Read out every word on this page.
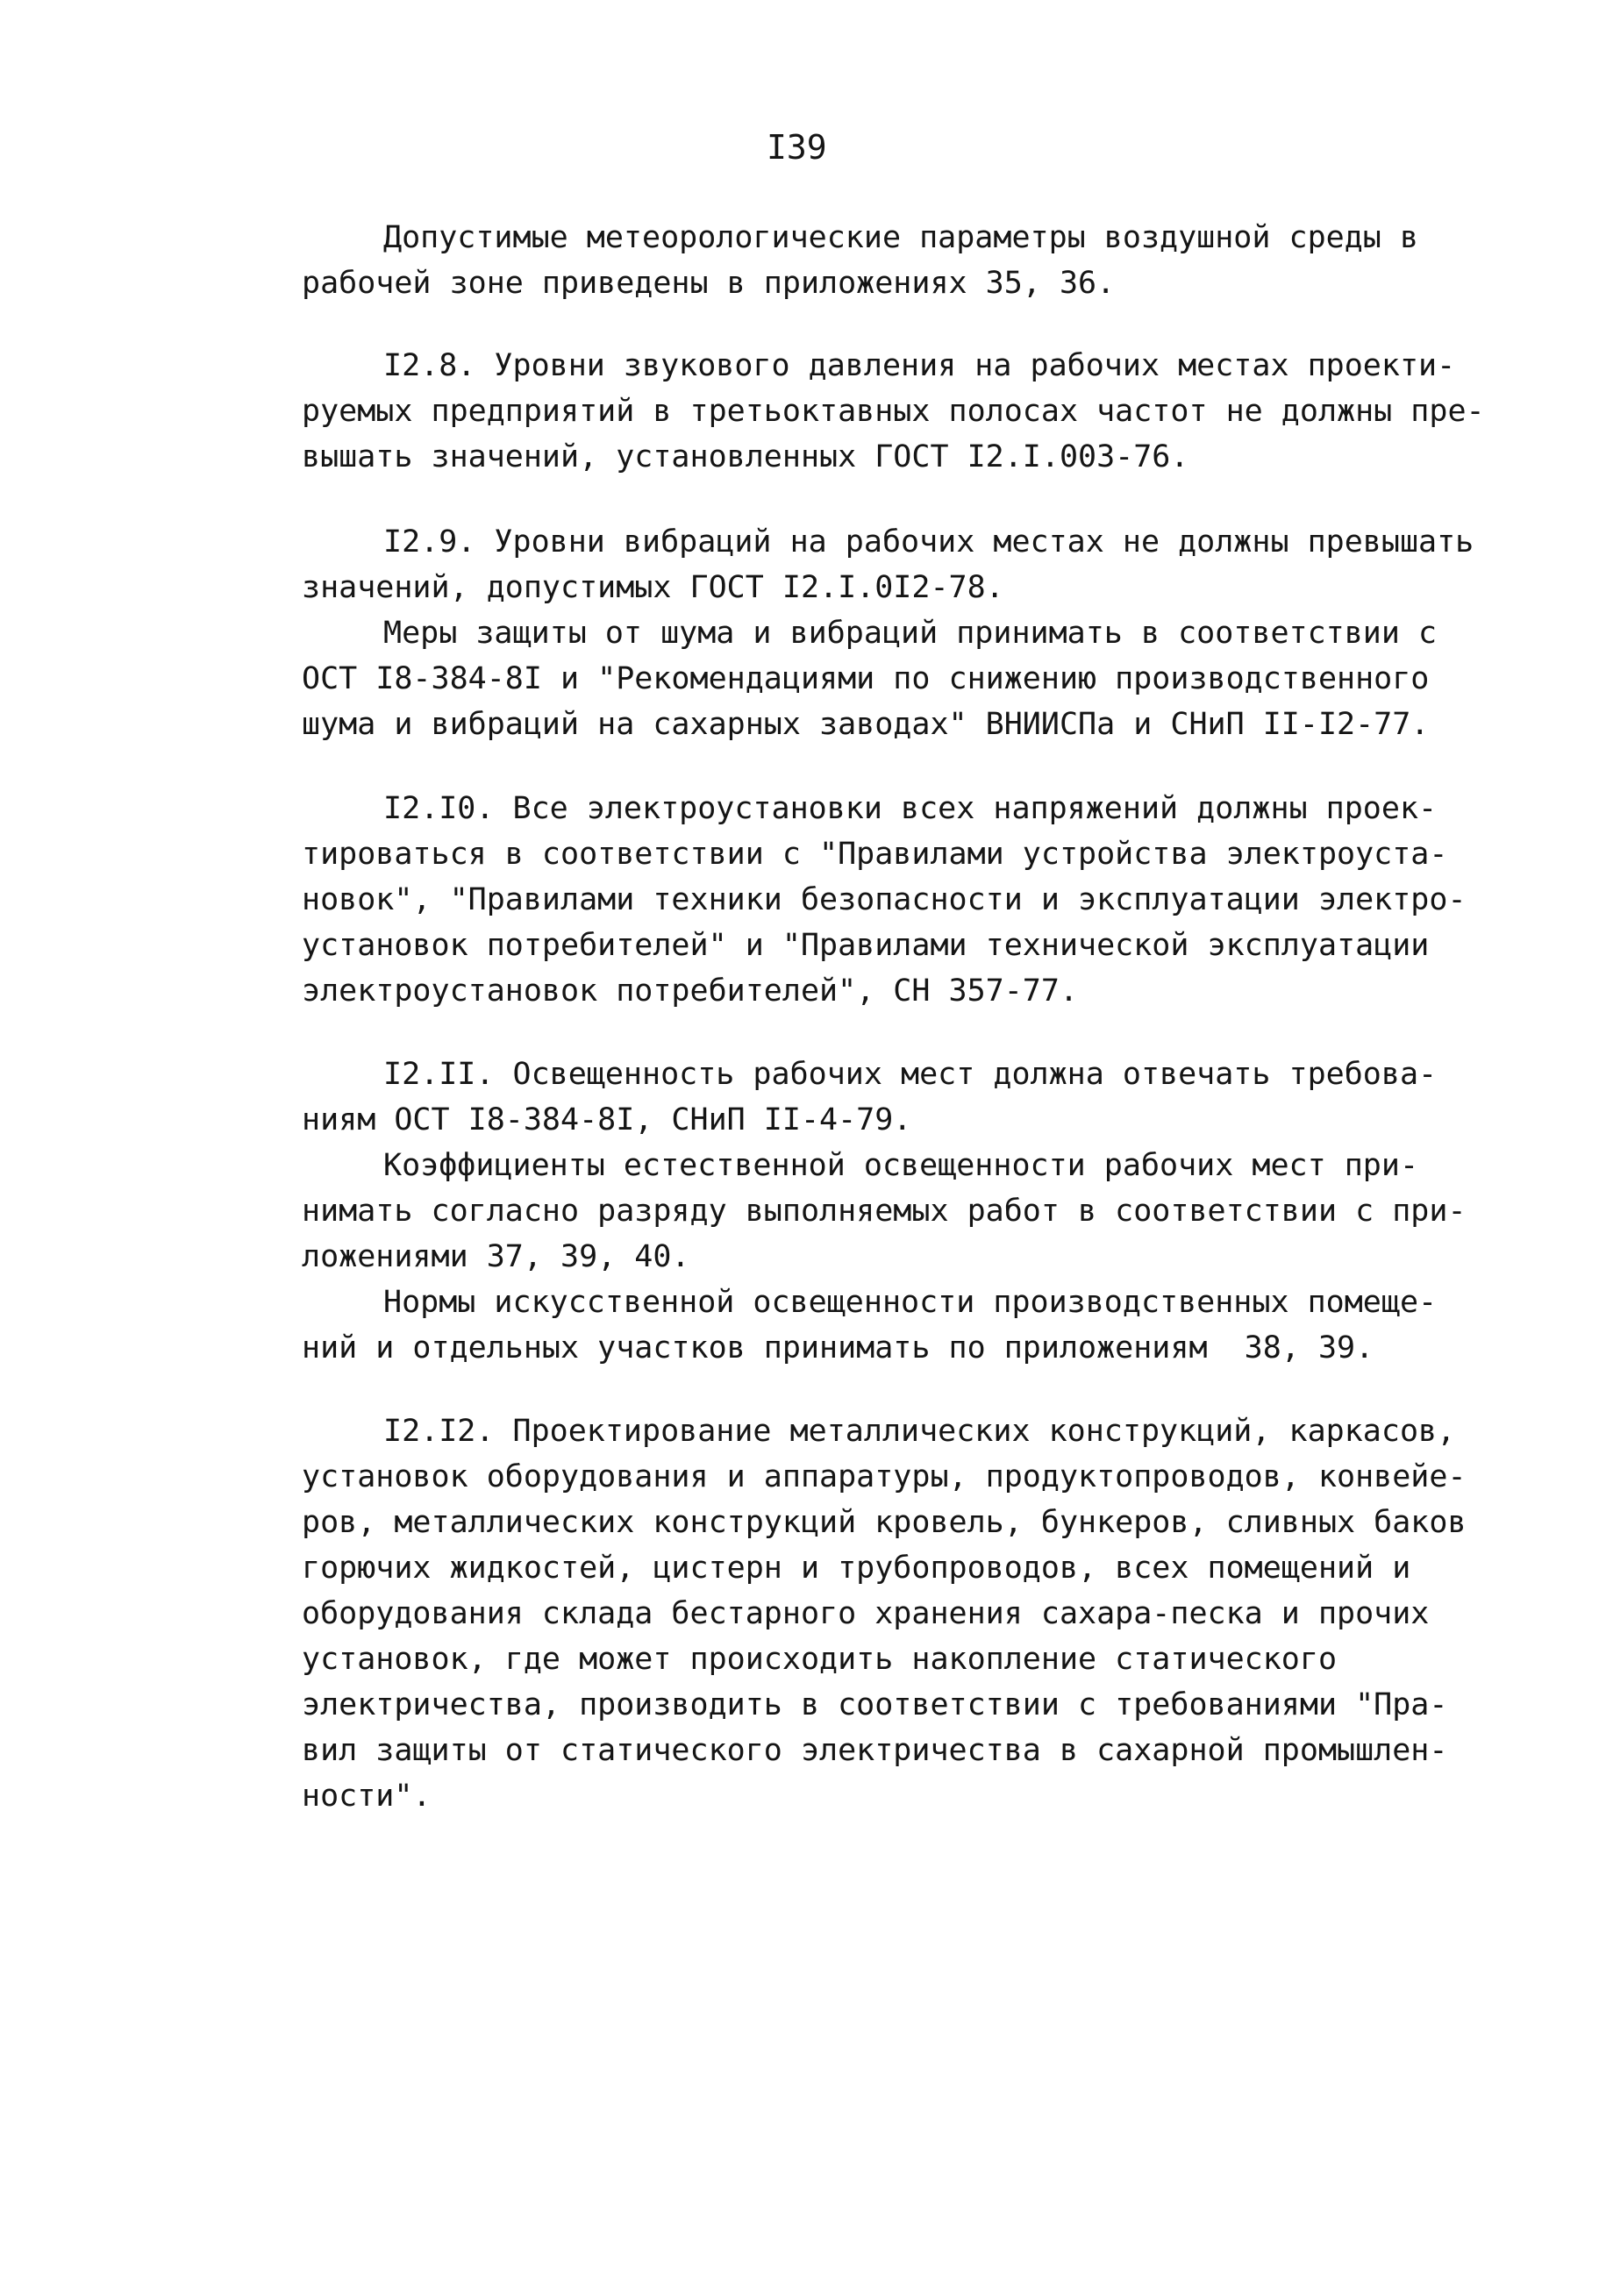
I39
Допустимые метеорологические параметры воздушной среды в
рабочей зоне приведены в приложениях 35, 36.
I2.8. Уровни звукового давления на рабочих местах проекти-
руемых предприятий в третьоктавных полосах частот не должны пре-
вышать значений, установленных ГОСТ I2.I.003-76.
I2.9. Уровни вибраций на рабочих местах не должны превышать
значений, допустимых ГОСТ I2.I.0I2-78.
Меры защиты от шума и вибраций принимать в соответствии с
ОСТ I8-384-8I и "Рекомендациями по снижению производственного
шума и вибраций на сахарных заводах" ВНИИСПа и СНиП II-I2-77.
I2.I0. Все электроустановки всех напряжений должны проек-
тироваться в соответствии с "Правилами устройства электроуста-
новок", "Правилами техники безопасности и эксплуатации электро-
установок потребителей" и "Правилами технической эксплуатации
электроустановок потребителей", СН 357-77.
I2.II. Освещенность рабочих мест должна отвечать требова-
ниям ОСТ I8-384-8I, СНиП II-4-79.
Коэффициенты естественной освещенности рабочих мест при-
нимать согласно разряду выполняемых работ в соответствии с при-
ложениями 37, 39, 40.
Нормы искусственной освещенности производственных помеще-
ний и отдельных участков принимать по приложениям  38, 39.
I2.I2. Проектирование металлических конструкций, каркасов,
установок оборудования и аппаратуры, продуктопроводов, конвейе-
ров, металлических конструкций кровель, бункеров, сливных баков
горючих жидкостей, цистерн и трубопроводов, всех помещений и
оборудования склада бестарного хранения сахара-песка и прочих
установок, где может происходить накопление статического
электричества, производить в соответствии с требованиями "Пра-
вил защиты от статического электричества в сахарной промышлен-
ности".
